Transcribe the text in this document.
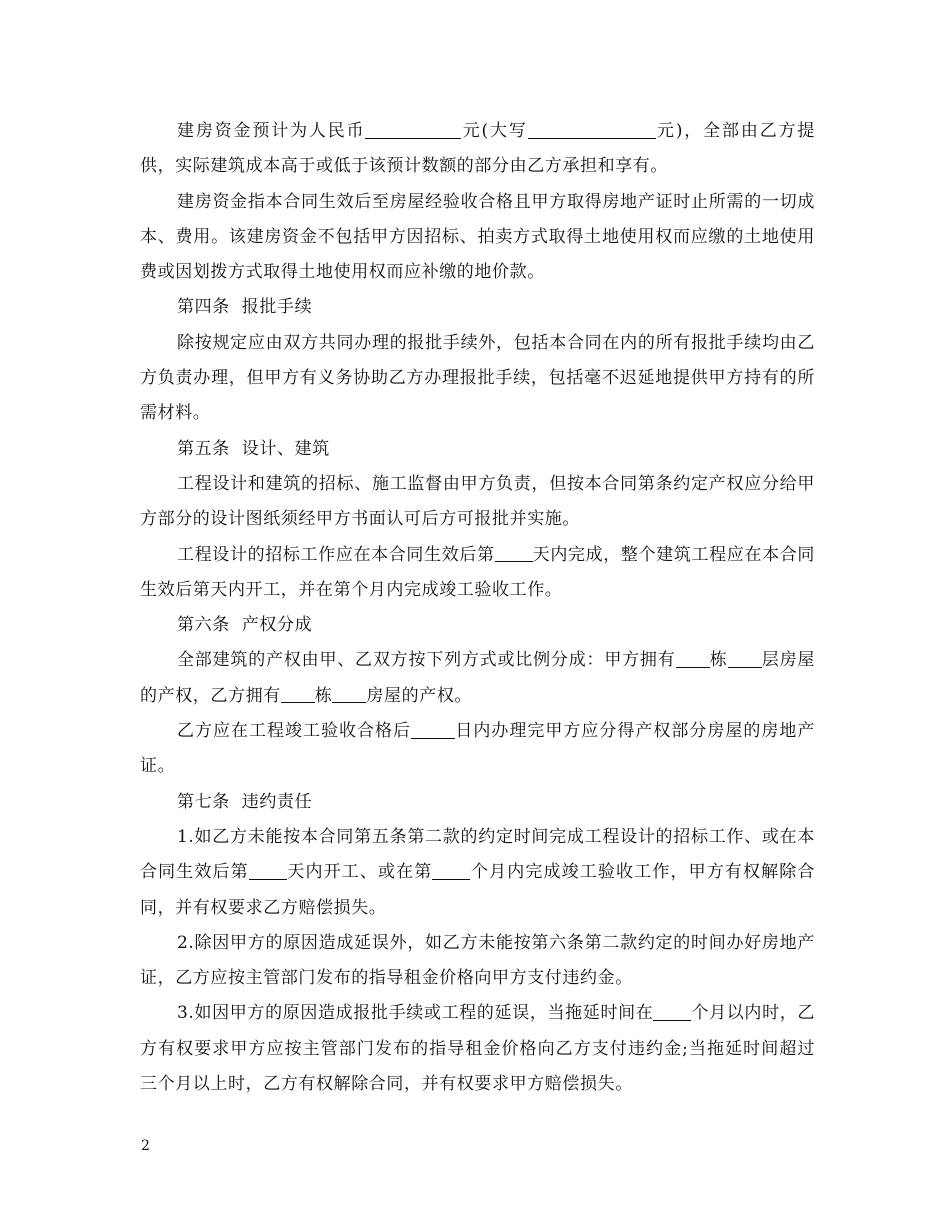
建房资金预计为人民币	元(大写	元)，全部由乙方提供，实际建筑成本高于或低于该预计数额的部分由乙方承担和享有。

建房资金指本合同生效后至房屋经验收合格且甲方取得房地产证时止所需的一切成本、费用。该建房资金不包括甲方因招标、拍卖方式取得土地使用权而应缴的土地使用费或因划拨方式取得土地使用权而应补缴的地价款。

第四条  报批手续

除按规定应由双方共同办理的报批手续外，包括本合同在内的所有报批手续均由乙方负责办理，但甲方有义务协助乙方办理报批手续，包括毫不迟延地提供甲方持有的所需材料。

第五条  设计、建筑

工程设计和建筑的招标、施工监督由甲方负责，但按本合同第条约定产权应分给甲方部分的设计图纸须经甲方书面认可后方可报批并实施。

工程设计的招标工作应在本合同生效后第 天内完成，整个建筑工程应在本合同生效后第天内开工，并在第个月内完成竣工验收工作。

第六条  产权分成

全部建筑的产权由甲、乙双方按下列方式或比例分成：甲方拥有 栋 层房屋的产权，乙方拥有 栋 房屋的产权。

乙方应在工程竣工验收合格后	日内办理完甲方应分得产权部分房屋的房地产证。

第七条  违约责任

1.如乙方未能按本合同第五条第二款的约定时间完成工程设计的招标工作、或在本合同生效后第 天内开工、或在第 个月内完成竣工验收工作，甲方有权解除合同，并有权要求乙方赔偿损失。

2.除因甲方的原因造成延误外，如乙方未能按第六条第二款约定的时间办好房地产证，乙方应按主管部门发布的指导租金价格向甲方支付违约金。

3.如因甲方的原因造成报批手续或工程的延误，当拖延时间在 个月以内时，乙方有权要求甲方应按主管部门发布的指导租金价格向乙方支付违约金;当拖延时间超过三个月以上时，乙方有权解除合同，并有权要求甲方赔偿损失。

2
